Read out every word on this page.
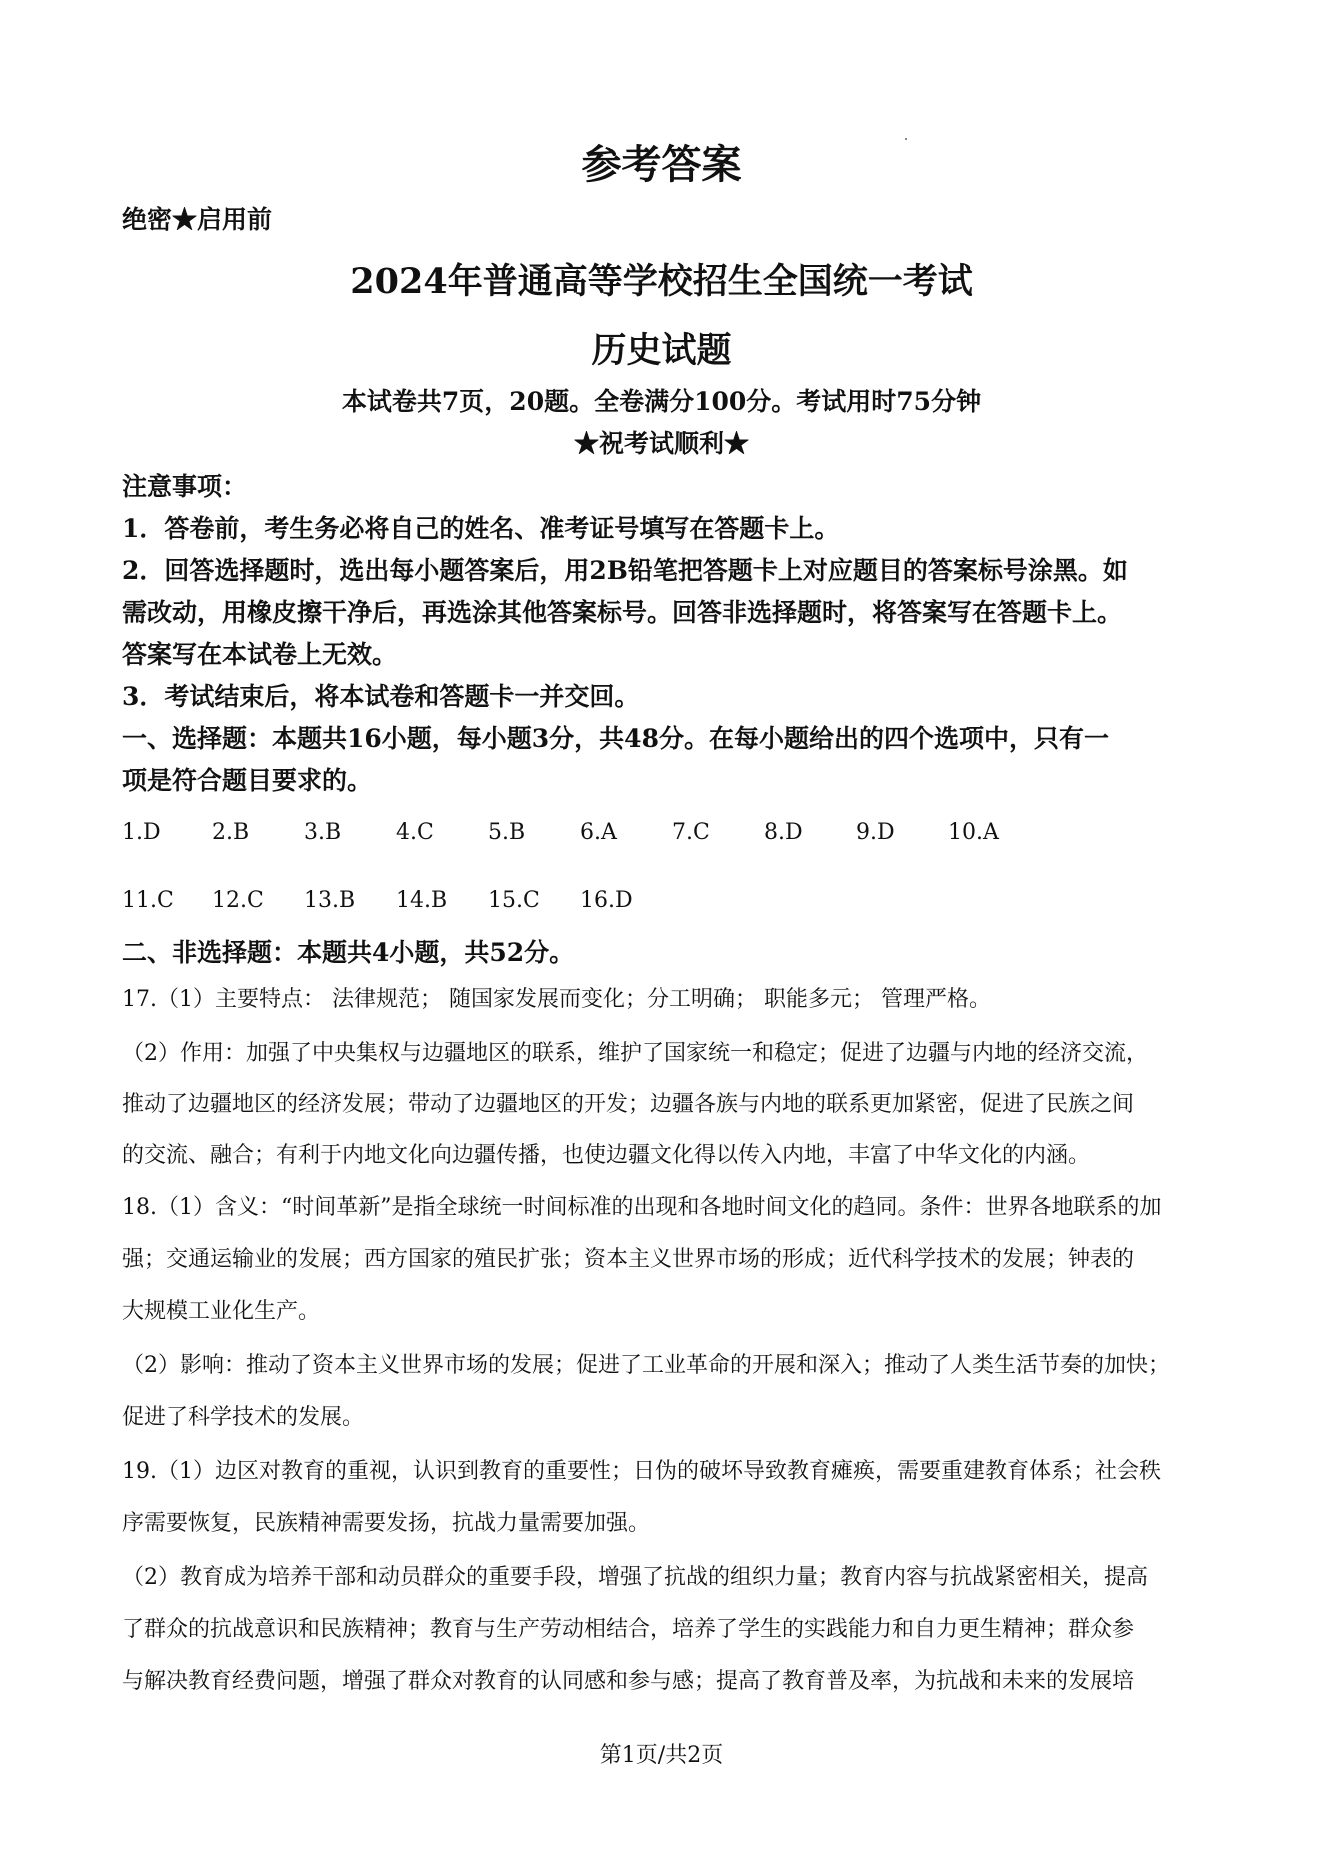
参考答案
绝密★启用前
2024年普通高等学校招生全国统一考试
历史试题
本试卷共7页，20题。全卷满分100分。考试用时75分钟
★祝考试顺利★
注意事项：
1．答卷前，考生务必将自己的姓名、准考证号填写在答题卡上。
2．回答选择题时，选出每小题答案后，用2B铅笔把答题卡上对应题目的答案标号涂黑。如
需改动，用橡皮擦干净后，再选涂其他答案标号。回答非选择题时，将答案写在答题卡上。
答案写在本试卷上无效。
3．考试结束后，将本试卷和答题卡一并交回。
一、选择题：本题共16小题，每小题3分，共48分。在每小题给出的四个选项中，只有一
项是符合题目要求的。
1.D 2.B 3.B 4.C 5.B 6.A	7.C 8.D 9.D 10.A
11.C 12.C 13.B 14.B 15.C 16.D
二、非选择题：本题共4小题，共52分。
17.（1）主要特点： 法律规范； 随国家发展而变化；分工明确； 职能多元； 管理严格。
（2）作用：加强了中央集权与边疆地区的联系，维护了国家统一和稳定；促进了边疆与内地的经济交流，
推动了边疆地区的经济发展；带动了边疆地区的开发；边疆各族与内地的联系更加紧密，促进了民族之间
的交流、融合；有利于内地文化向边疆传播，也使边疆文化得以传入内地，丰富了中华文化的内涵。
18.（1）含义：“时间革新”是指全球统一时间标准的出现和各地时间文化的趋同。条件：世界各地联系的加
强；交通运输业的发展；西方国家的殖民扩张；资本主义世界市场的形成；近代科学技术的发展；钟表的
大规模工业化生产。
（2）影响：推动了资本主义世界市场的发展；促进了工业革命的开展和深入；推动了人类生活节奏的加快；
促进了科学技术的发展。
19.（1）边区对教育的重视，认识到教育的重要性；日伪的破坏导致教育瘫痪，需要重建教育体系；社会秩
序需要恢复，民族精神需要发扬，抗战力量需要加强。
（2）教育成为培养干部和动员群众的重要手段，增强了抗战的组织力量；教育内容与抗战紧密相关，提高
了群众的抗战意识和民族精神；教育与生产劳动相结合，培养了学生的实践能力和自力更生精神；群众参
与解决教育经费问题，增强了群众对教育的认同感和参与感；提高了教育普及率，为抗战和未来的发展培
第1页/共2页
